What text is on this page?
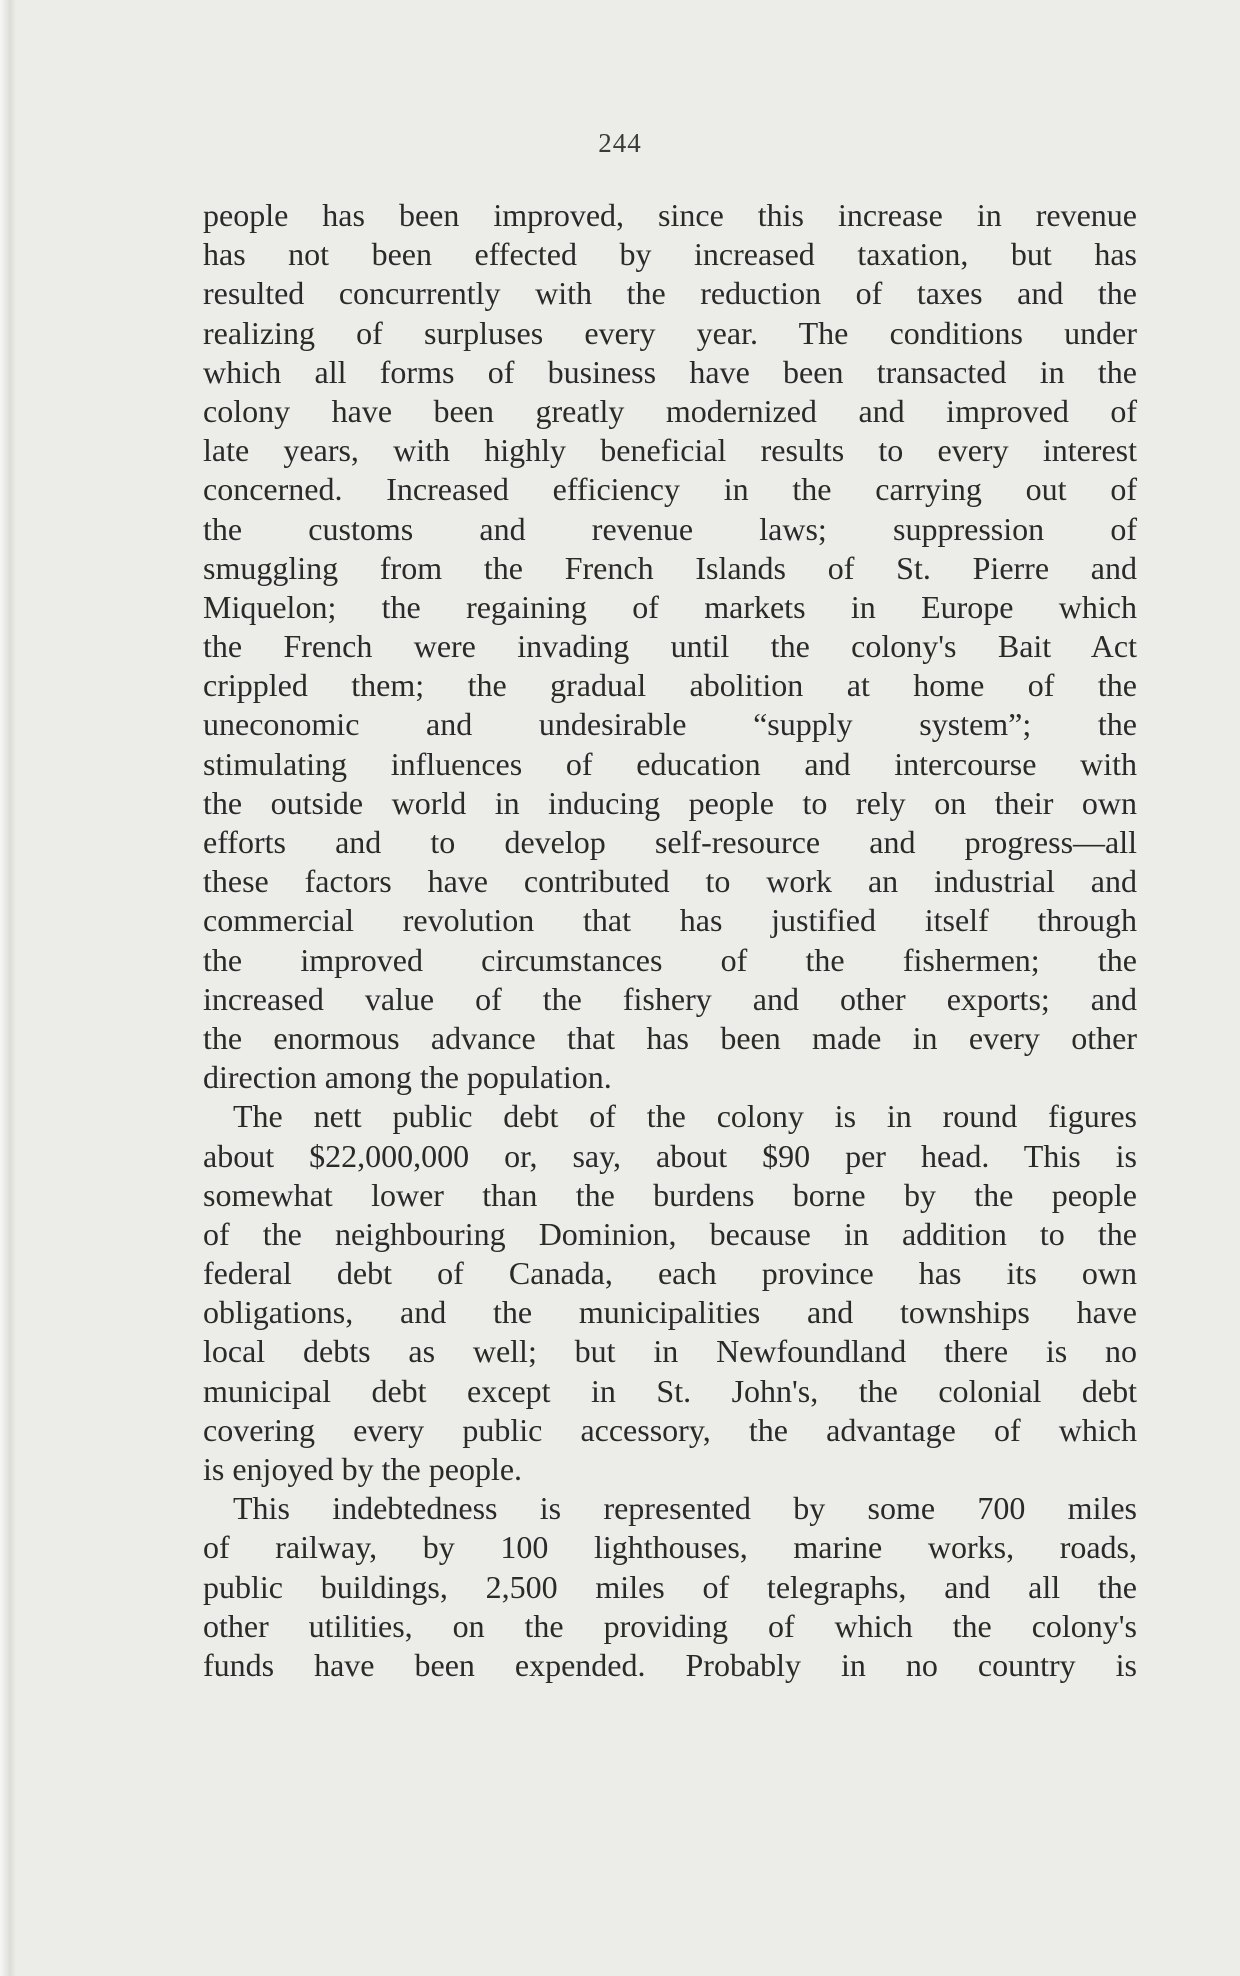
244
people has been improved, since this increase in revenue
has not been effected by increased taxation, but has
resulted concurrently with the reduction of taxes and the
realizing of surpluses every year. The conditions under
which all forms of business have been transacted in the
colony have been greatly modernized and improved of
late years, with highly beneficial results to every interest
concerned. Increased efficiency in the carrying out of
the customs and revenue laws; suppression of
smuggling from the French Islands of St. Pierre and
Miquelon; the regaining of markets in Europe which
the French were invading until the colony's Bait Act
crippled them; the gradual abolition at home of the
uneconomic and undesirable “supply system”; the
stimulating influences of education and intercourse with
the outside world in inducing people to rely on their own
efforts and to develop self-resource and progress—all
these factors have contributed to work an industrial and
commercial revolution that has justified itself through
the improved circumstances of the fishermen; the
increased value of the fishery and other exports; and
the enormous advance that has been made in every other
direction among the population.
The nett public debt of the colony is in round figures
about $22,000,000 or, say, about $90 per head. This is
somewhat lower than the burdens borne by the people
of the neighbouring Dominion, because in addition to the
federal debt of Canada, each province has its own
obligations, and the municipalities and townships have
local debts as well; but in Newfoundland there is no
municipal debt except in St. John's, the colonial debt
covering every public accessory, the advantage of which
is enjoyed by the people.
This indebtedness is represented by some 700 miles
of railway, by 100 lighthouses, marine works, roads,
public buildings, 2,500 miles of telegraphs, and all the
other utilities, on the providing of which the colony's
funds have been expended. Probably in no country is
